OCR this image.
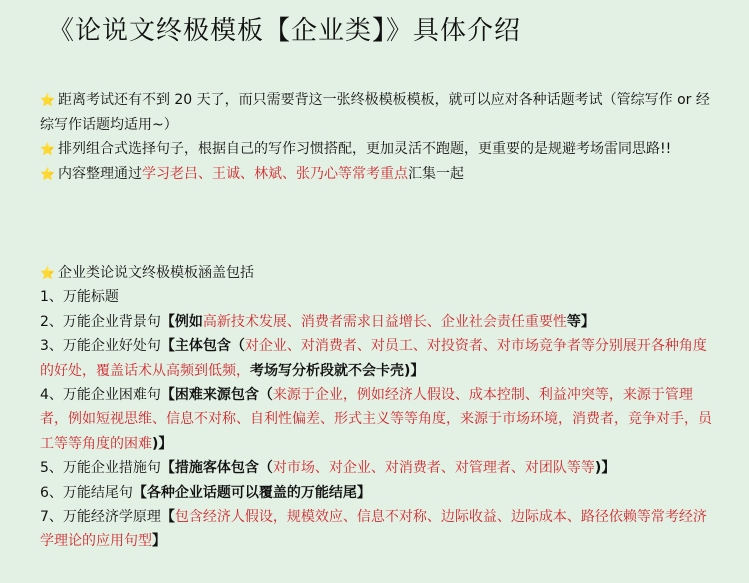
《论说文终极模板【企业类】》具体介绍

⭐ 距离考试还有不到 20 天了，而只需要背这一张终极模板模板，就可以应对各种话题考试（管综写作 or 经综写作话题均适用~）

⭐ 排列组合式选择句子，根据自己的写作习惯搭配，更加灵活不跑题，更重要的是规避考场雷同思路!!

⭐ 内容整理通过学习老吕、王诚、林斌、张乃心等常考重点汇集一起

⭐ 企业类论说文终极模板涵盖包括

1、万能标题

2、万能企业背景句【例如高新技术发展、消费者需求日益增长、企业社会责任重要性等】

3、万能企业好处句【主体包含（对企业、对消费者、对员工、对投资者、对市场竞争者等分别展开各种角度的好处，覆盖话术从高频到低频，考场写分析段就不会卡壳)】

4、万能企业困难句【困难来源包含（来源于企业，例如经济人假设、成本控制、利益冲突等，来源于管理者，例如短视思维、信息不对称、自利性偏差、形式主义等等角度，来源于市场环境，消费者，竞争对手，员工等等角度的困难)】

5、万能企业措施句【措施客体包含（对市场、对企业、对消费者、对管理者、对团队等等)】

6、万能结尾句【各种企业话题可以覆盖的万能结尾】

7、万能经济学原理【包含经济人假设，规模效应、信息不对称、边际收益、边际成本、路径依赖等常考经济学理论的应用句型】
